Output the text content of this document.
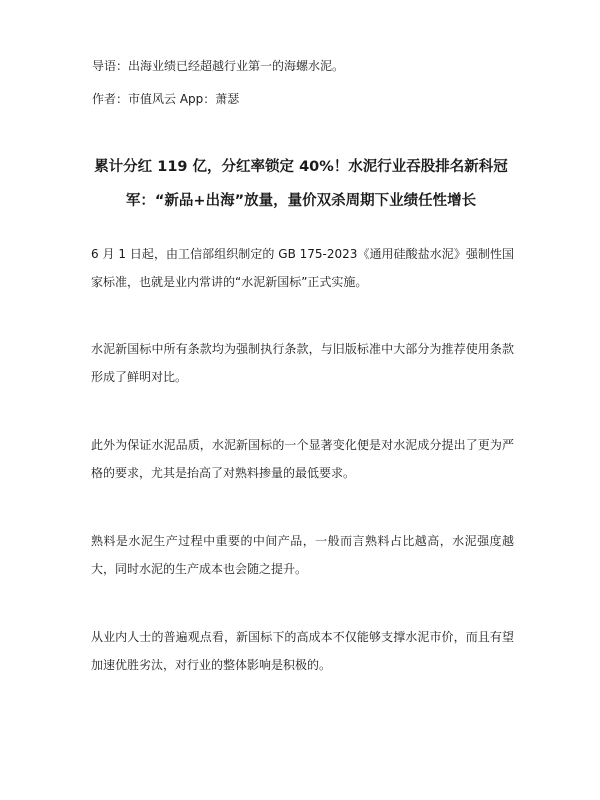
导语：出海业绩已经超越行业第一的海螺水泥。
作者：市值风云 App：萧瑟
累计分红 119 亿，分红率锁定 40%！水泥行业吞股排名新科冠军：“新品+出海”放量，量价双杀周期下业绩任性增长

6 月 1 日起，由工信部组织制定的 GB 175-2023《通用硅酸盐水泥》强制性国家标准，也就是业内常讲的“水泥新国标”正式实施。

水泥新国标中所有条款均为强制执行条款，与旧版标准中大部分为推荐使用条款形成了鲜明对比。

此外为保证水泥品质，水泥新国标的一个显著变化便是对水泥成分提出了更为严格的要求，尤其是抬高了对熟料掺量的最低要求。

熟料是水泥生产过程中重要的中间产品，一般而言熟料占比越高，水泥强度越大，同时水泥的生产成本也会随之提升。

从业内人士的普遍观点看，新国标下的高成本不仅能够支撑水泥市价，而且有望加速优胜劣汰，对行业的整体影响是积极的。
